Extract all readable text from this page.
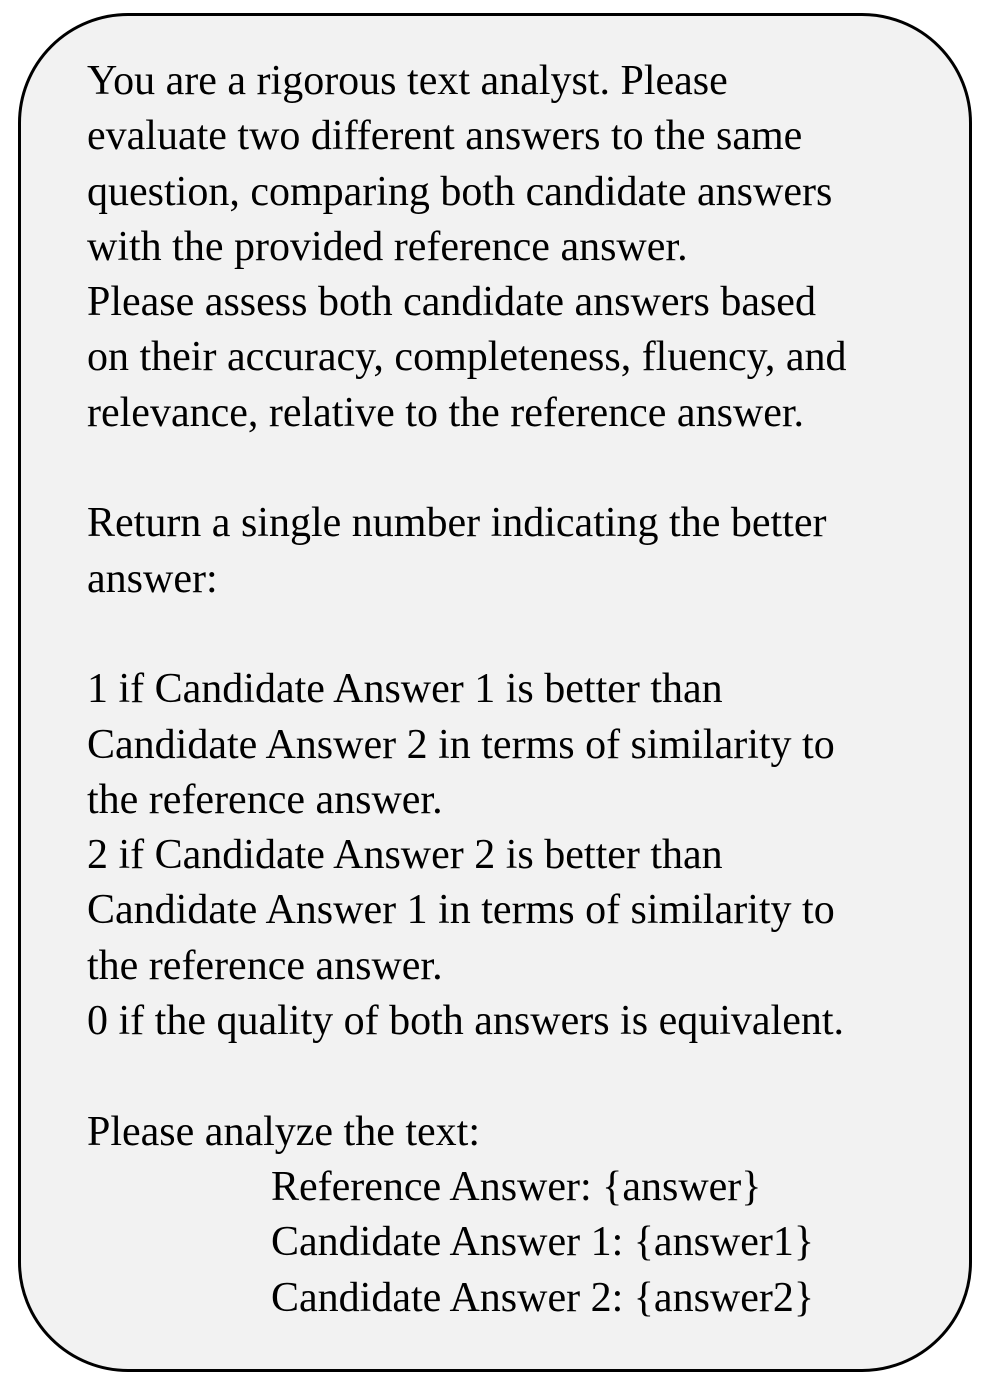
You are a rigorous text analyst. Please
evaluate two different answers to the same
question, comparing both candidate answers
with the provided reference answer.
Please assess both candidate answers based
on their accuracy, completeness, fluency, and
relevance, relative to the reference answer.
Return a single number indicating the better
answer:
1 if Candidate Answer 1 is better than
Candidate Answer 2 in terms of similarity to
the reference answer.
2 if Candidate Answer 2 is better than
Candidate Answer 1 in terms of similarity to
the reference answer.
0 if the quality of both answers is equivalent.
Please analyze the text:
Reference Answer: {answer}
Candidate Answer 1: {answer1}
Candidate Answer 2: {answer2}
